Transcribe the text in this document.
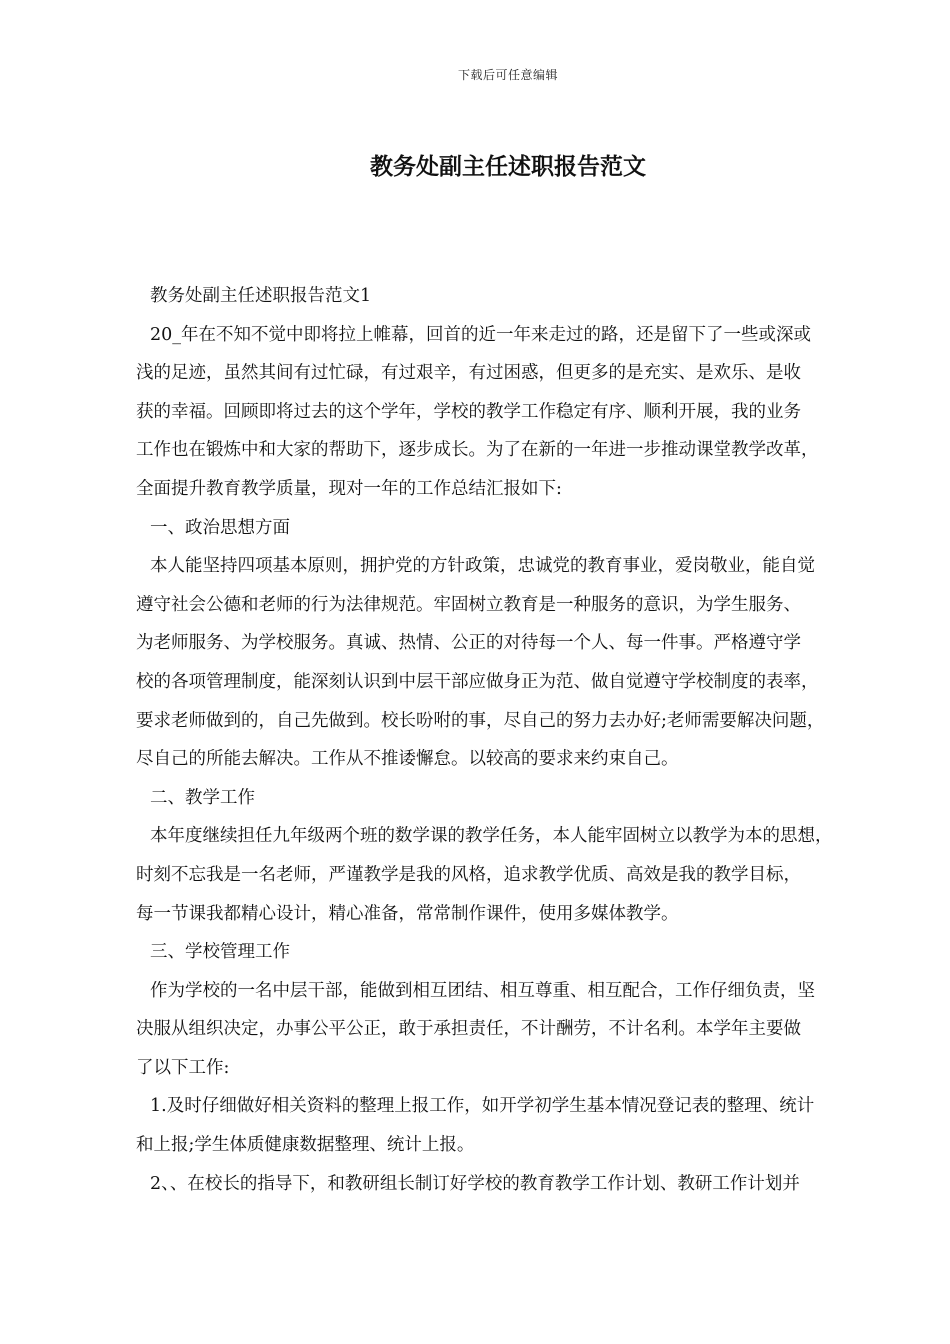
下载后可任意编辑
教务处副主任述职报告范文
教务处副主任述职报告范文1
20_年在不知不觉中即将拉上帷幕，回首的近一年来走过的路，还是留下了一些或深或
浅的足迹，虽然其间有过忙碌，有过艰辛，有过困惑，但更多的是充实、是欢乐、是收
获的幸福。回顾即将过去的这个学年，学校的教学工作稳定有序、顺利开展，我的业务
工作也在锻炼中和大家的帮助下，逐步成长。为了在新的一年进一步推动课堂教学改革，
全面提升教育教学质量，现对一年的工作总结汇报如下:
一、政治思想方面
本人能坚持四项基本原则，拥护党的方针政策，忠诚党的教育事业，爱岗敬业，能自觉
遵守社会公德和老师的行为法律规范。牢固树立教育是一种服务的意识，为学生服务、
为老师服务、为学校服务。真诚、热情、公正的对待每一个人、每一件事。严格遵守学
校的各项管理制度，能深刻认识到中层干部应做身正为范、做自觉遵守学校制度的表率，
要求老师做到的，自己先做到。校长吩咐的事，尽自己的努力去办好;老师需要解决问题，
尽自己的所能去解决。工作从不推诿懈怠。以较高的要求来约束自己。
二、教学工作
本年度继续担任九年级两个班的数学课的教学任务，本人能牢固树立以教学为本的思想，
时刻不忘我是一名老师，严谨教学是我的风格，追求教学优质、高效是我的教学目标，
每一节课我都精心设计，精心准备，常常制作课件，使用多媒体教学。
三、学校管理工作
作为学校的一名中层干部，能做到相互团结、相互尊重、相互配合，工作仔细负责，坚
决服从组织决定，办事公平公正，敢于承担责任，不计酬劳，不计名利。本学年主要做
了以下工作:
1.及时仔细做好相关资料的整理上报工作，如开学初学生基本情况登记表的整理、统计
和上报;学生体质健康数据整理、统计上报。
2、、在校长的指导下，和教研组长制订好学校的教育教学工作计划、教研工作计划并
